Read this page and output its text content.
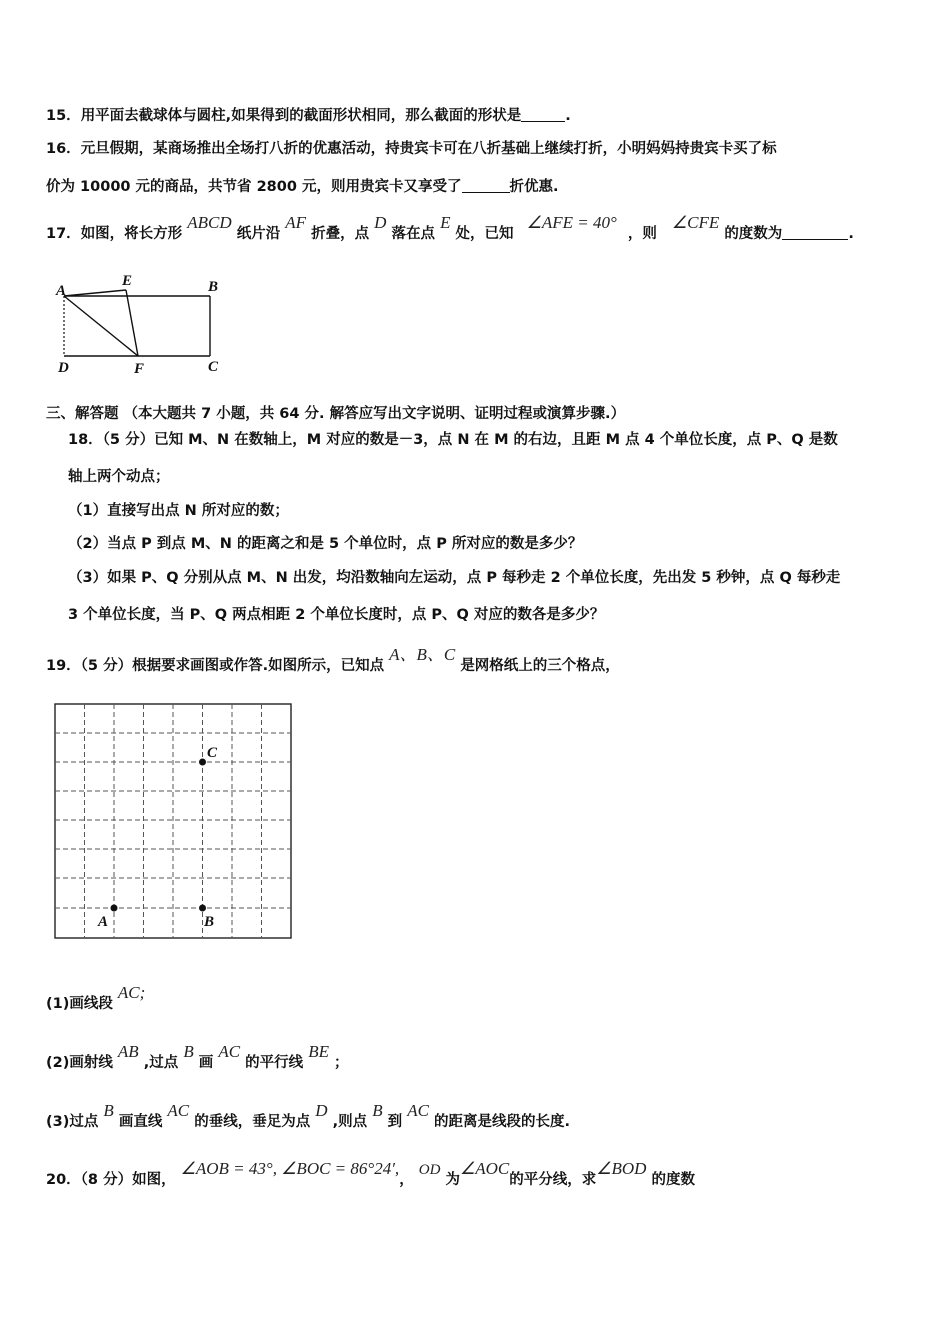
15．用平面去截球体与圆柱,如果得到的截面形状相同，那么截面的形状是	.
16．元旦假期，某商场推出全场打八折的优惠活动，持贵宾卡可在八折基础上继续打折，小明妈妈持贵宾卡买了标
价为 10000 元的商品，共节省 2800 元，则用贵宾卡又享受了	折优惠.
17．如图，将长方形 ABCD 纸片沿 AF 折叠，点 D 落在点 E 处，已知 ∠AFE = 40° ，则 ∠CFE 的度数为	.
A
E	B
D	F	C
三、解答题 （本大题共 7 小题，共 64 分. 解答应写出文字说明、证明过程或演算步骤.）
18．（5 分）已知 M、N 在数轴上，M 对应的数是－3，点 N 在 M 的右边，且距 M 点 4 个单位长度，点 P、Q 是数
轴上两个动点；
（1）直接写出点 N 所对应的数；
（2）当点 P 到点 M、N 的距离之和是 5 个单位时，点 P 所对应的数是多少？
（3）如果 P、Q 分别从点 M、N 出发，均沿数轴向左运动，点 P 每秒走 2 个单位长度，先出发 5 秒钟，点 Q 每秒走
3 个单位长度，当 P、Q 两点相距 2 个单位长度时，点 P、Q 对应的数各是多少？
19．（5 分）根据要求画图或作答.如图所示，已知点 A、B、C 是网格纸上的三个格点，
C
A	B
(1)画线段 AC;
(2)画射线 AB ,过点 B 画 AC 的平行线 BE ；
(3)过点 B 画直线 AC 的垂线，垂足为点 D ,则点 B 到 AC 的距离是线段的长度.
20．（8 分）如图， ∠AOB = 43°, ∠BOC = 86°24′,， OD 为∠AOC的平分线，求∠BOD 的度数
